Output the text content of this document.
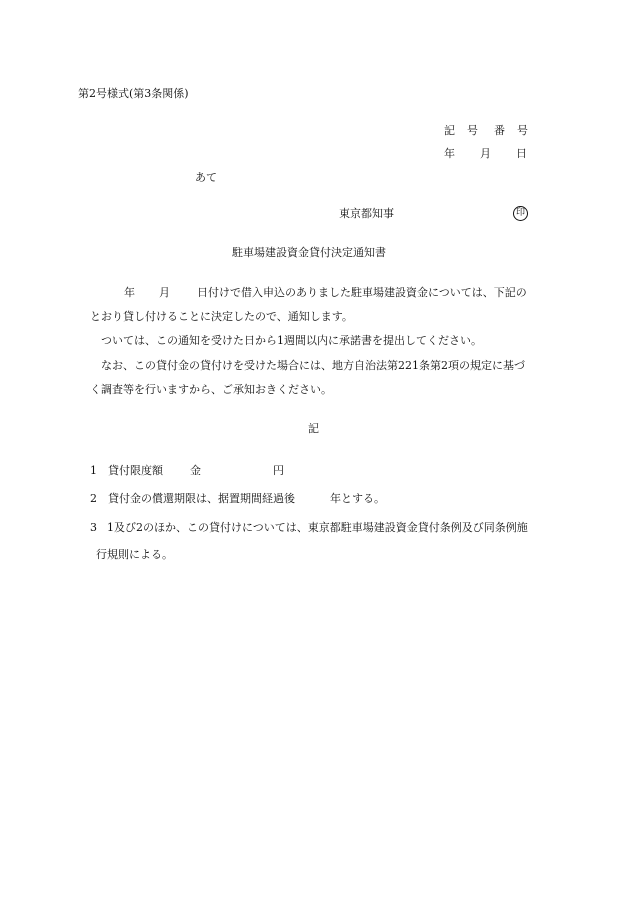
第2号様式(第3条関係)
記 号 番 号
年 月 日
あて
東京都知事	印
駐車場建設資金貸付決定通知書
年 月 日付けで借入申込のありました駐車場建設資金については、下記の
とおり貸し付けることに決定したので、通知します。
ついては、この通知を受けた日から1週間以内に承諾書を提出してください。
なお、この貸付金の貸付けを受けた場合には、地方自治法第221条第2項の規定に基づ
く調査等を行いますから、ご承知おきください。
記
1 貸付限度額 金	円
2 貸付金の償還期限は、据置期間経過後	年とする。
3 1及び2のほか、この貸付けについては、東京都駐車場建設資金貸付条例及び同条例施
行規則による。
